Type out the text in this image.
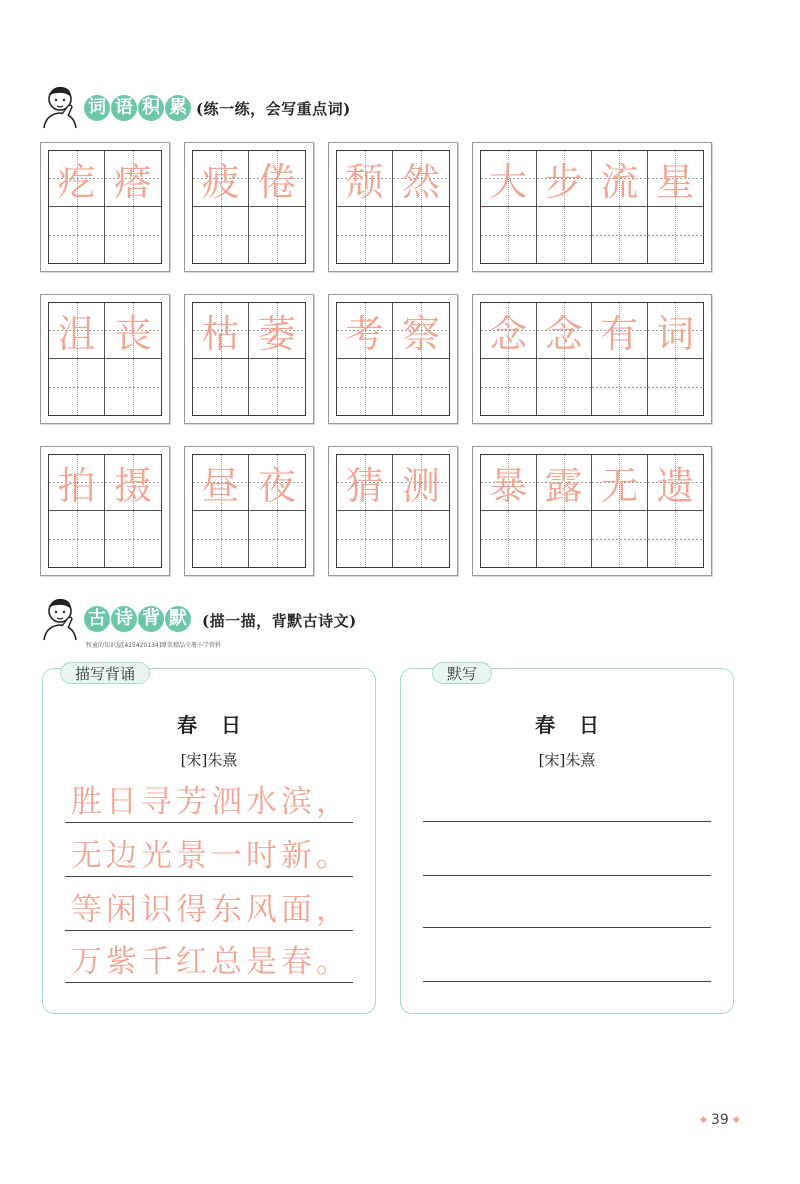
词 语 积 累 (练一练，会写重点词)
疙 瘩 疲 倦 颓 然 大 步 流 星
沮 丧 枯 萎 考 察 念 念 有 词
拍 摄 昼 夜 猜 测 暴 露 无 遗
古 诗 背 默 (描一描，背默古诗文)
牧童的知识屋[415420134]原浆精品全册小学资料
春日
[宋]朱熹
胜日寻芳泗水滨，
无边光景一时新。
等闲识得东风面，
万紫千红总是春。
描写背诵
春日
[宋]朱熹
默写
◆ 39 ◆
